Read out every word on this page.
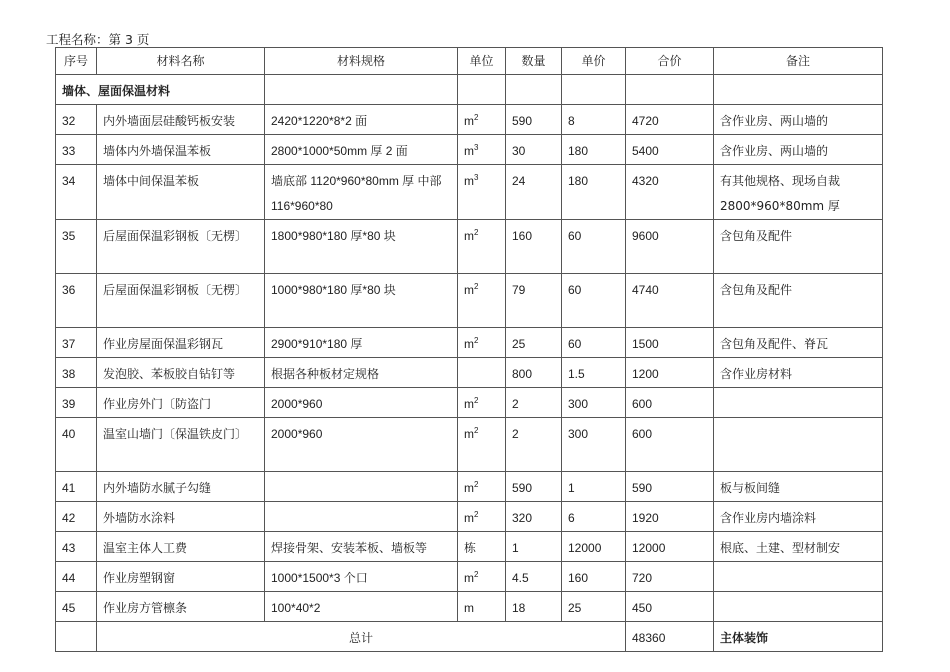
工程名称：第 3 页
序号	材料名称	材料规格	单位	数量	单价	合价	备注
墙体、屋面保温材料							
32	内外墙面层硅酸钙板安装	2420*1220*8*2 面	$m^2$	590	8	4720	含作业房、两山墙的
33	墙体内外墙保温苯板	2800*1000*50mm 厚 2 面	$m^3$	30	180	5400	含作业房、两山墙的
34	墙体中间保温苯板	墙底部 1120*960*80mm 厚 中部 116*960*80	$m^3$	24	180	4320	有其他规格、现场自裁 2800*960*80mm 厚
35	后屋面保温彩钢板〔无楞〕	1800*980*180 厚*80 块	$m^2$	160	60	9600	含包角及配件
36	后屋面保温彩钢板〔无楞〕	1000*980*180 厚*80 块	$m^2$	79	60	4740	含包角及配件
37	作业房屋面保温彩钢瓦	2900*910*180 厚	$m^2$	25	60	1500	含包角及配件、脊瓦
38	发泡胶、苯板胶自钻钉等	根据各种板材定规格		800	1.5	1200	含作业房材料
39	作业房外门〔防盗门	2000*960	$m^2$	2	300	600	
40	温室山墙门〔保温铁皮门〕	2000*960	$m^2$	2	300	600	
41	内外墙防水腻子勾缝		$m^2$	590	1	590	板与板间缝
42	外墙防水涂料		$m^2$	320	6	1920	含作业房内墙涂料
43	温室主体人工费	焊接骨架、安装苯板、墙板等	栋	1	12000	12000	根底、土建、型材制安
44	作业房塑钢窗	1000*1500*3 个口	$m^2$	4.5	160	720	
45	作业房方管檩条	100*40*2	m	18	25	450	
	总计					48360	主体装饰
